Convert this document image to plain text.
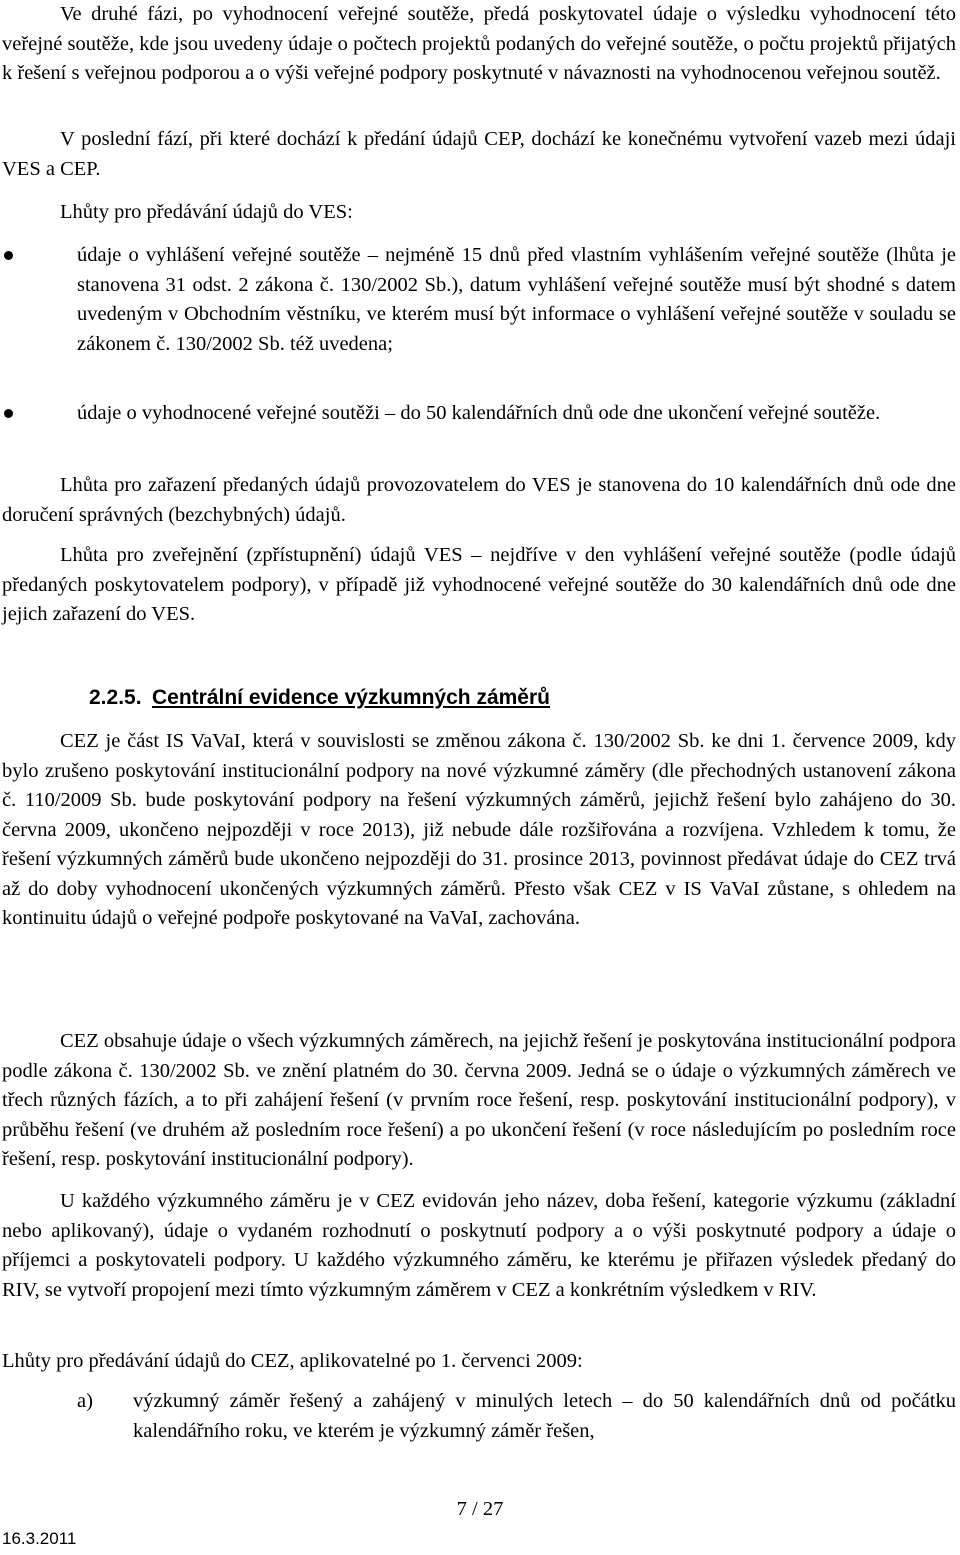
Ve druhé fázi, po vyhodnocení veřejné soutěže, předá poskytovatel údaje o výsledku vyhodnocení této veřejné soutěže, kde jsou uvedeny údaje o počtech projektů podaných do veřejné soutěže, o počtu projektů přijatých k řešení s veřejnou podporou a o výši veřejné podpory poskytnuté v návaznosti na vyhodnocenou veřejnou soutěž.

V poslední fází, při které dochází k předání údajů CEP, dochází ke konečnému vytvoření vazeb mezi údaji VES a CEP.

Lhůty pro předávání údajů do VES:

údaje o vyhlášení veřejné soutěže – nejméně 15 dnů před vlastním vyhlášením veřejné soutěže (lhůta je stanovena 31 odst. 2 zákona č. 130/2002 Sb.), datum vyhlášení veřejné soutěže musí být shodné s datem uvedeným v Obchodním věstníku, ve kterém musí být informace o vyhlášení veřejné soutěže v souladu se zákonem č. 130/2002 Sb. též uvedena;

údaje o vyhodnocené veřejné soutěži – do 50 kalendářních dnů ode dne ukončení veřejné soutěže.

Lhůta pro zařazení předaných údajů provozovatelem do VES je stanovena do 10 kalendářních dnů ode dne doručení správných (bezchybných) údajů.

Lhůta pro zveřejnění (zpřístupnění) údajů VES – nejdříve v den vyhlášení veřejné soutěže (podle údajů předaných poskytovatelem podpory), v případě již vyhodnocené veřejné soutěže do 30 kalendářních dnů ode dne jejich zařazení do VES.

2.2.5. Centrální evidence výzkumných záměrů

CEZ je část IS VaVaI, která v souvislosti se změnou zákona č. 130/2002 Sb. ke dni 1. července 2009, kdy bylo zrušeno poskytování institucionální podpory na nové výzkumné záměry (dle přechodných ustanovení zákona č. 110/2009 Sb. bude poskytování podpory na řešení výzkumných záměrů, jejichž řešení bylo zahájeno do 30. června 2009, ukončeno nejpozději v roce 2013), již nebude dále rozšiřována a rozvíjena. Vzhledem k tomu, že řešení výzkumných záměrů bude ukončeno nejpozději do 31. prosince 2013, povinnost předávat údaje do CEZ trvá až do doby vyhodnocení ukončených výzkumných záměrů. Přesto však CEZ v IS VaVaI zůstane, s ohledem na kontinuitu údajů o veřejné podpoře poskytované na VaVaI, zachována.

CEZ obsahuje údaje o všech výzkumných záměrech, na jejichž řešení je poskytována institucionální podpora podle zákona č. 130/2002 Sb. ve znění platném do 30. června 2009. Jedná se o údaje o výzkumných záměrech ve třech různých fázích, a to při zahájení řešení (v prvním roce řešení, resp. poskytování institucionální podpory), v průběhu řešení (ve druhém až posledním roce řešení) a po ukončení řešení (v roce následujícím po posledním roce řešení, resp. poskytování institucionální podpory).

U každého výzkumného záměru je v CEZ evidován jeho název, doba řešení, kategorie výzkumu (základní nebo aplikovaný), údaje o vydaném rozhodnutí o poskytnutí podpory a o výši poskytnuté podpory a údaje o příjemci a poskytovateli podpory. U každého výzkumného záměru, ke kterému je přiřazen výsledek předaný do RIV, se vytvoří propojení mezi tímto výzkumným záměrem v CEZ a konkrétním výsledkem v RIV.

Lhůty pro předávání údajů do CEZ, aplikovatelné po 1. červenci 2009:

a) výzkumný záměr řešený a zahájený v minulých letech – do 50 kalendářních dnů od počátku kalendářního roku, ve kterém je výzkumný záměr řešen,

7 / 27
16.3.2011
